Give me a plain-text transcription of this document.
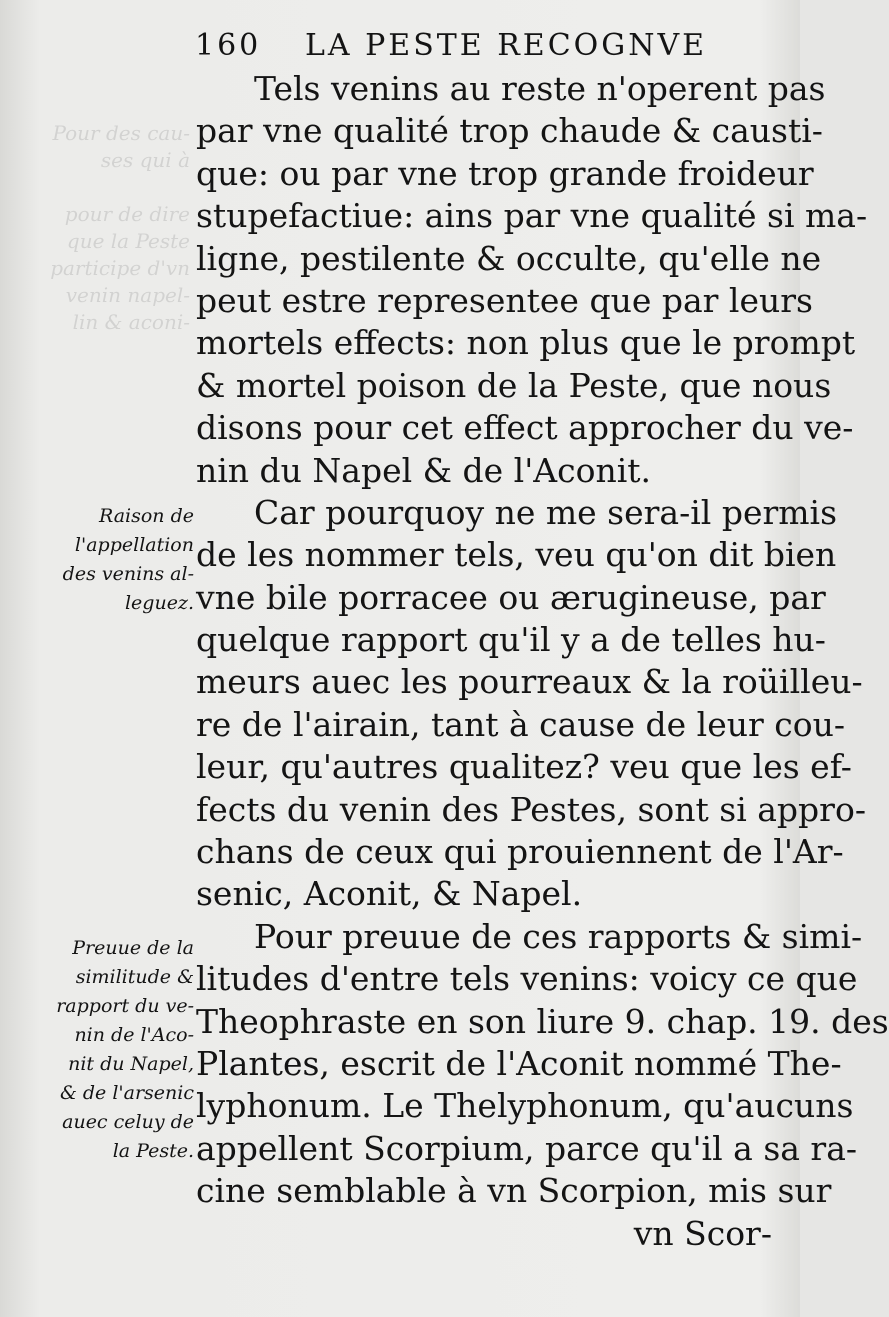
Pour des cau-
ses qui à

pour de dire
que la Peste
participe d'vn
venin napel-
lin & aconi-
160 LA PESTE RECOGNVE
Tels venins au reste n'operent pas
par vne qualité trop chaude & causti-
que: ou par vne trop grande froideur
stupefactiue: ains par vne qualité si ma-
ligne, pestilente & occulte, qu'elle ne
peut estre representee que par leurs
mortels effects: non plus que le prompt
& mortel poison de la Peste, que nous
disons pour cet effect approcher du ve-
nin du Napel & de l'Aconit.
Car pourquoy ne me sera-il permis
de les nommer tels, veu qu'on dit bien
vne bile porracee ou ærugineuse, par
quelque rapport qu'il y a de telles hu-
meurs auec les pourreaux & la roüilleu-
re de l'airain, tant à cause de leur cou-
leur, qu'autres qualitez? veu que les ef-
fects du venin des Pestes, sont si appro-
chans de ceux qui prouiennent de l'Ar-
senic, Aconit, & Napel.
Pour preuue de ces rapports & simi-
litudes d'entre tels venins: voicy ce que
Theophraste en son liure 9. chap. 19. des
Plantes, escrit de l'Aconit nommé The-
lyphonum. Le Thelyphonum, qu'aucuns
appellent Scorpium, parce qu'il a sa ra-
cine semblable à vn Scorpion, mis sur
vn Scor-
Raison de
l'appellation
des venins al-
leguez.
Preuue de la
similitude &
rapport du ve-
nin de l'Aco-
nit du Napel,
& de l'arsenic
auec celuy de
la Peste.
